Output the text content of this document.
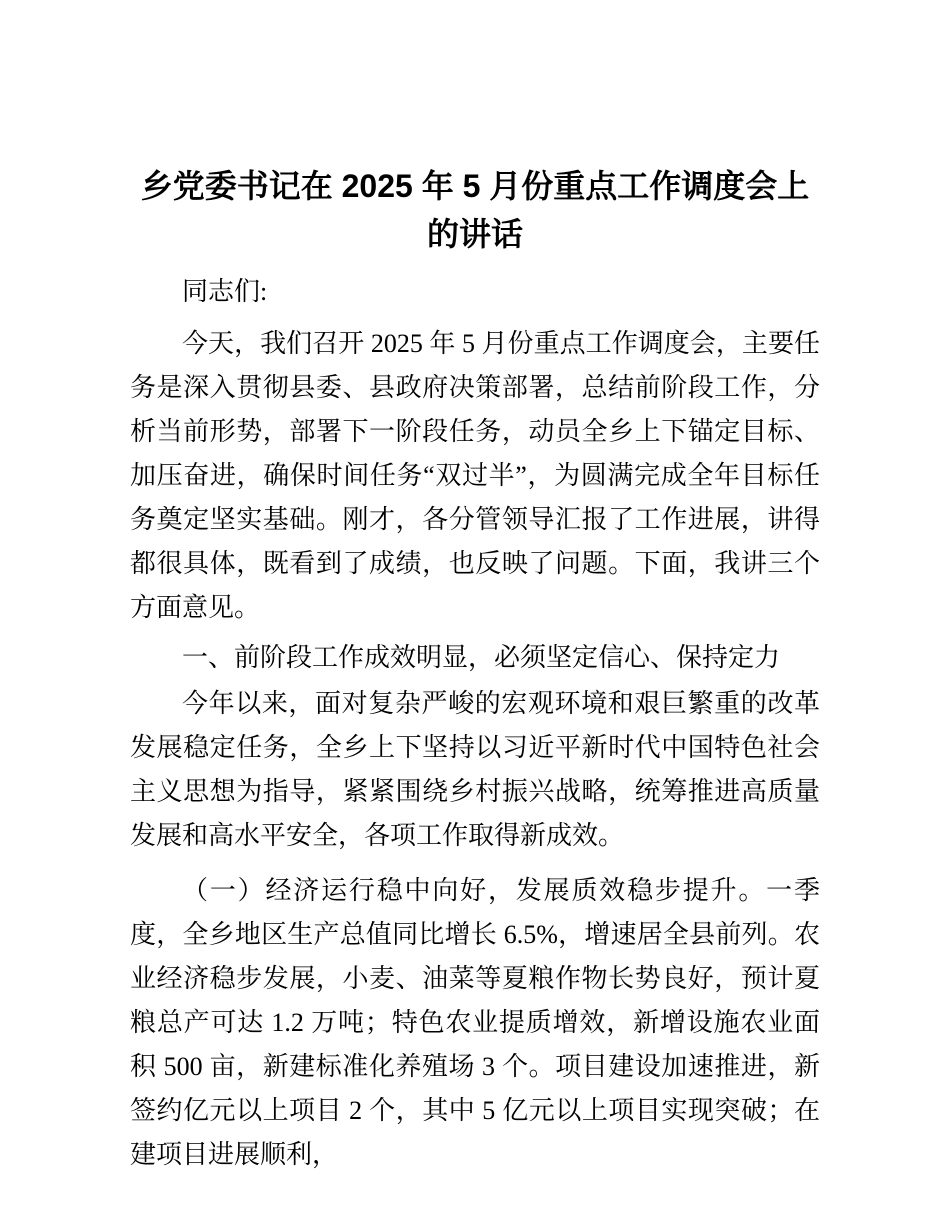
乡党委书记在 2025 年 5 月份重点工作调度会上的讲话

同志们:

今天，我们召开 2025 年 5 月份重点工作调度会，主要任务是深入贯彻县委、县政府决策部署，总结前阶段工作，分析当前形势，部署下一阶段任务，动员全乡上下锚定目标、加压奋进，确保时间任务“双过半”，为圆满完成全年目标任务奠定坚实基础。刚才，各分管领导汇报了工作进展，讲得都很具体，既看到了成绩，也反映了问题。下面，我讲三个方面意见。

一、前阶段工作成效明显，必须坚定信心、保持定力

今年以来，面对复杂严峻的宏观环境和艰巨繁重的改革发展稳定任务，全乡上下坚持以习近平新时代中国特色社会主义思想为指导，紧紧围绕乡村振兴战略，统筹推进高质量发展和高水平安全，各项工作取得新成效。

（一）经济运行稳中向好，发展质效稳步提升。一季度，全乡地区生产总值同比增长 6.5%，增速居全县前列。农业经济稳步发展，小麦、油菜等夏粮作物长势良好，预计夏粮总产可达 1.2 万吨；特色农业提质增效，新增设施农业面积 500 亩，新建标准化养殖场 3 个。项目建设加速推进，新签约亿元以上项目 2 个，其中 5 亿元以上项目实现突破；在建项目进展顺利，
